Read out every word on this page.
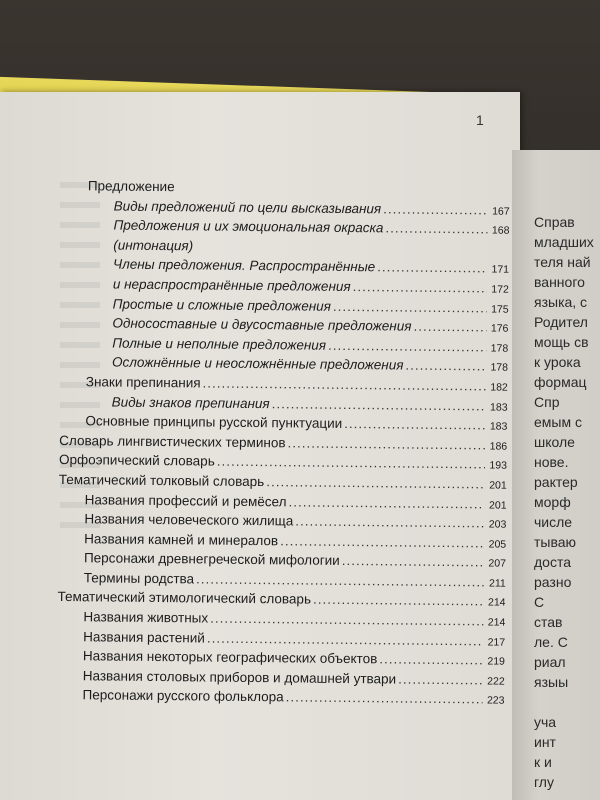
1
Справ
младших
теля най
ванного
языка, с
Родител
мощь св
к урока
формац
Спр
емым с
школе
нове.
рактер
морф
числе
тываю
доста
разно
С
став
ле. С
риал
языы
уча
инт
к и
глу
Предложение
Виды предложений по цели высказывания .....	167
Предложения и их эмоциональная окраска .....	168
(интонация)
Члены предложения. Распространённые .....	171
и нераспространённые предложения .....	172
Простые и сложные предложения .....	175
Односоставные и двусоставные предложения .....	176
Полные и неполные предложения .....	178
Осложнённые и неосложнённые предложения .....	178
Знаки препинания .....	182
Виды знаков препинания .....	183
Основные принципы русской пунктуации .....	183
Словарь лингвистических терминов .....	186
Орфоэпический словарь .....	193
Тематический толковый словарь .....	201
Названия профессий и ремёсел .....	201
Названия человеческого жилища .....	203
Названия камней и минералов .....	205
Персонажи древнегреческой мифологии .....	207
Термины родства .....	211
Тематический этимологический словарь .....	214
Названия животных .....	214
Названия растений .....	217
Названия некоторых географических объектов .....	219
Названия столовых приборов и домашней утвари .....	222
Персонажи русского фольклора .....	223
